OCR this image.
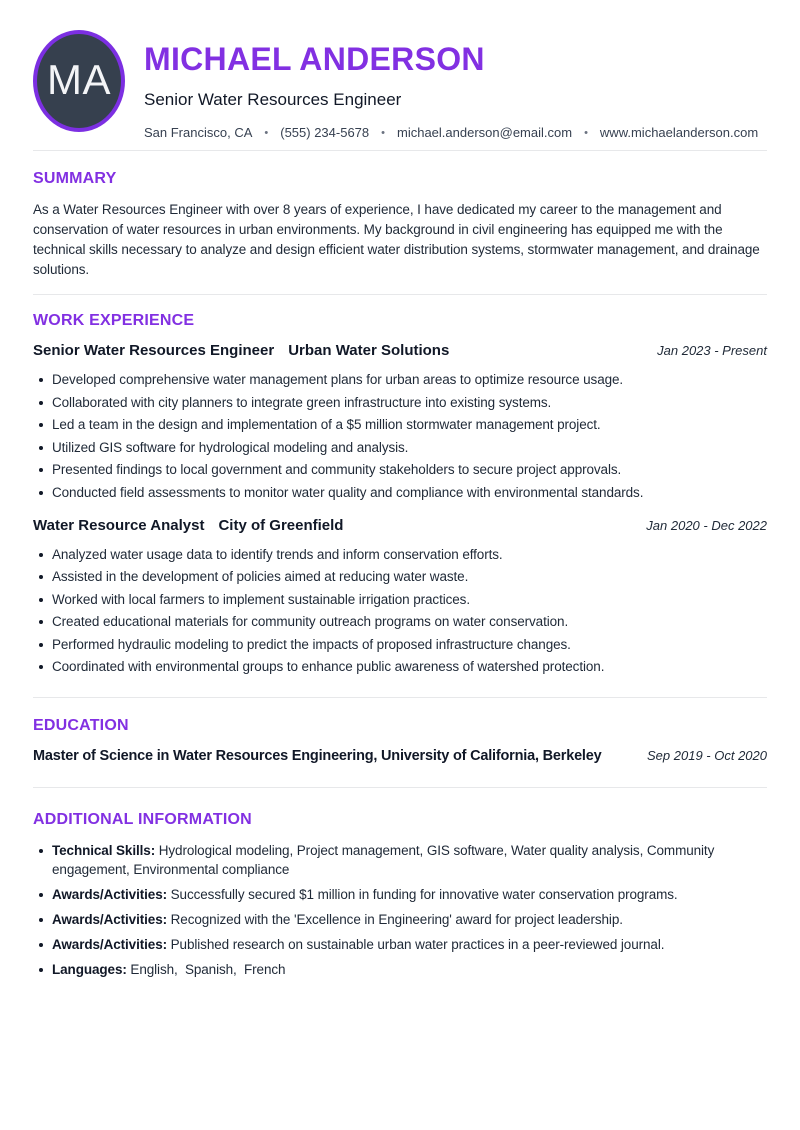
MA MICHAEL ANDERSON
Senior Water Resources Engineer
San Francisco, CA • (555) 234-5678 • michael.anderson@email.com • www.michaelanderson.com
SUMMARY

As a Water Resources Engineer with over 8 years of experience, I have dedicated my career to the management and conservation of water resources in urban environments. My background in civil engineering has equipped me with the technical skills necessary to analyze and design efficient water distribution systems, stormwater management, and drainage solutions.

WORK EXPERIENCE
Senior Water Resources Engineer Urban Water Solutions	Jan 2023 - Present
Developed comprehensive water management plans for urban areas to optimize resource usage.
Collaborated with city planners to integrate green infrastructure into existing systems.
Led a team in the design and implementation of a $5 million stormwater management project.
Utilized GIS software for hydrological modeling and analysis.
Presented findings to local government and community stakeholders to secure project approvals.
Conducted field assessments to monitor water quality and compliance with environmental standards.
Water Resource Analyst City of Greenfield	Jan 2020 - Dec 2022
Analyzed water usage data to identify trends and inform conservation efforts.
Assisted in the development of policies aimed at reducing water waste.
Worked with local farmers to implement sustainable irrigation practices.
Created educational materials for community outreach programs on water conservation.
Performed hydraulic modeling to predict the impacts of proposed infrastructure changes.
Coordinated with environmental groups to enhance public awareness of watershed protection.
EDUCATION
Master of Science in Water Resources Engineering, University of California, Berkeley	Sep 2019 - Oct 2020
ADDITIONAL INFORMATION
Technical Skills: Hydrological modeling, Project management, GIS software, Water quality analysis, Community engagement, Environmental compliance
Awards/Activities: Successfully secured $1 million in funding for innovative water conservation programs.
Awards/Activities: Recognized with the 'Excellence in Engineering' award for project leadership.
Awards/Activities: Published research on sustainable urban water practices in a peer-reviewed journal.
Languages: English,  Spanish,  French
